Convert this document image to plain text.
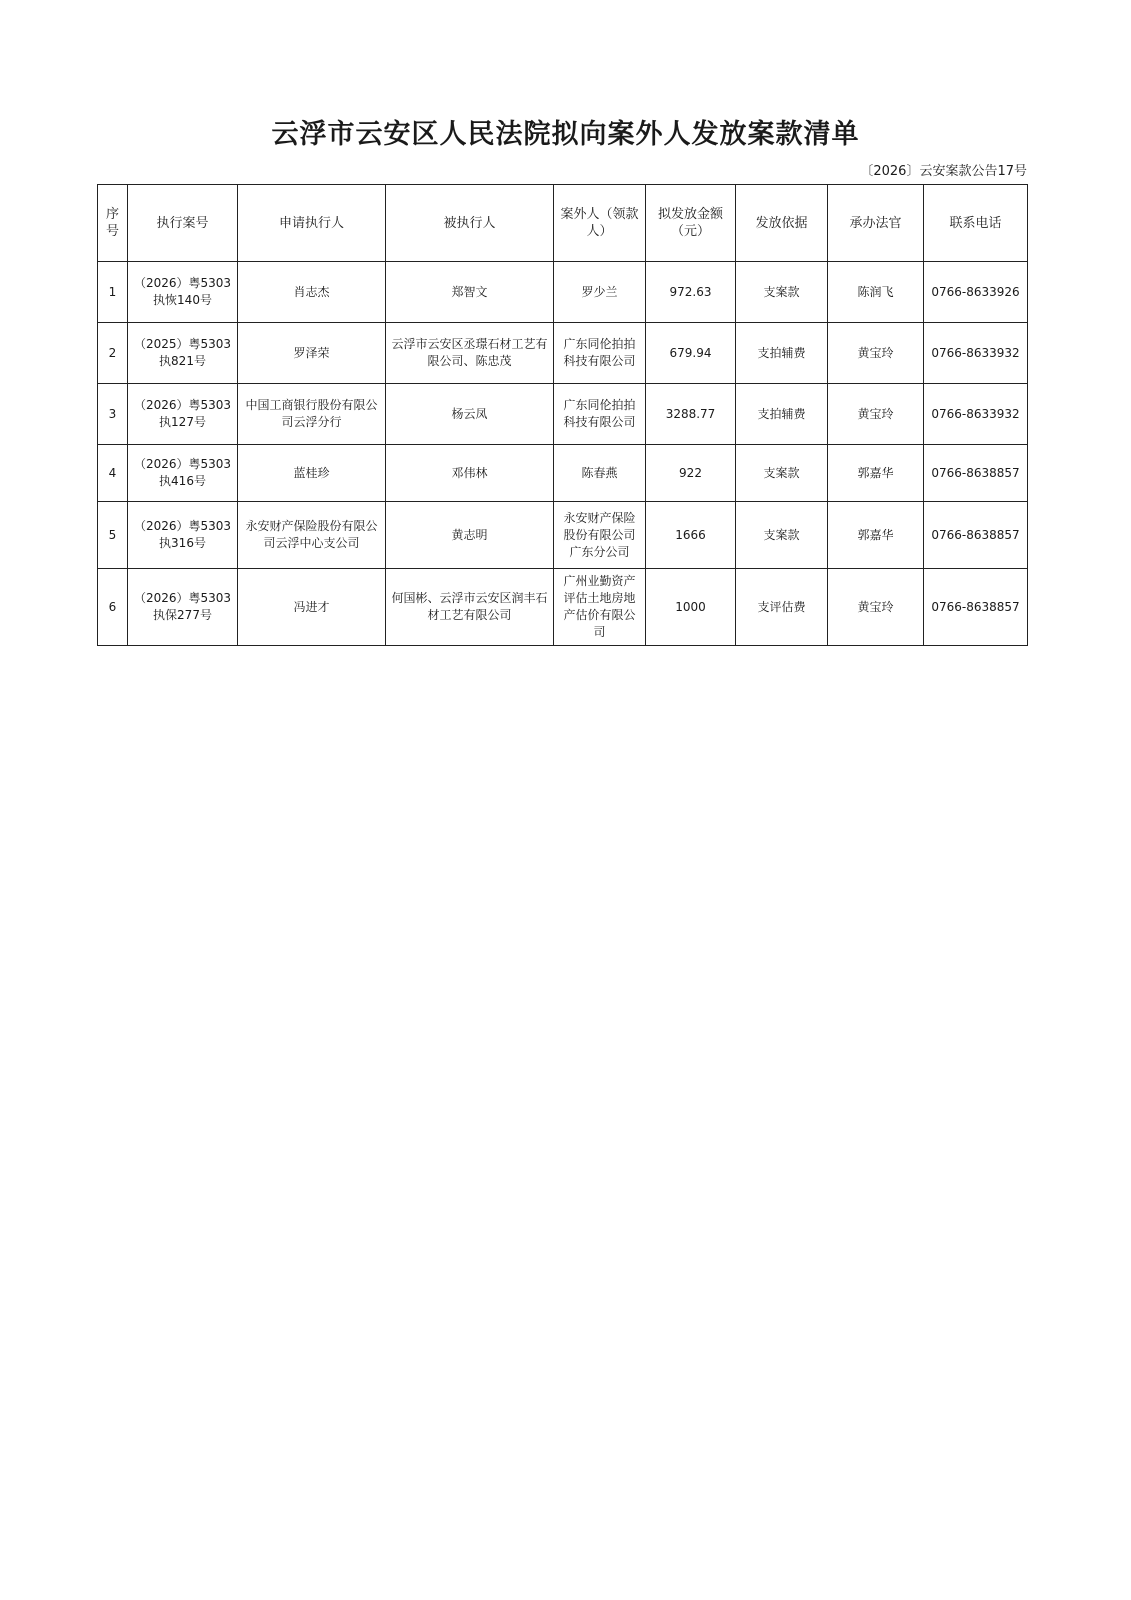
云浮市云安区人民法院拟向案外人发放案款清单
〔2026〕云安案款公告17号
序号	执行案号	申请执行人	被执行人	案外人（领款人）	拟发放金额（元）	发放依据	承办法官	联系电话
1	（2026）粤5303执恢140号	肖志杰	郑智文	罗少兰	972.63	支案款	陈润飞	0766-8633926
2	（2025）粤5303执821号	罗泽荣	云浮市云安区丞璟石材工艺有限公司、陈忠茂	广东同伦拍拍科技有限公司	679.94	支拍辅费	黄宝玲	0766-8633932
3	（2026）粤5303执127号	中国工商银行股份有限公司云浮分行	杨云凤	广东同伦拍拍科技有限公司	3288.77	支拍辅费	黄宝玲	0766-8633932
4	（2026）粤5303执416号	蓝桂珍	邓伟林	陈春燕	922	支案款	郭嘉华	0766-8638857
5	（2026）粤5303执316号	永安财产保险股份有限公司云浮中心支公司	黄志明	永安财产保险股份有限公司广东分公司	1666	支案款	郭嘉华	0766-8638857
6	（2026）粤5303执保277号	冯进才	何国彬、云浮市云安区润丰石材工艺有限公司	广州业勤资产评估土地房地产估价有限公司	1000	支评估费	黄宝玲	0766-8638857
